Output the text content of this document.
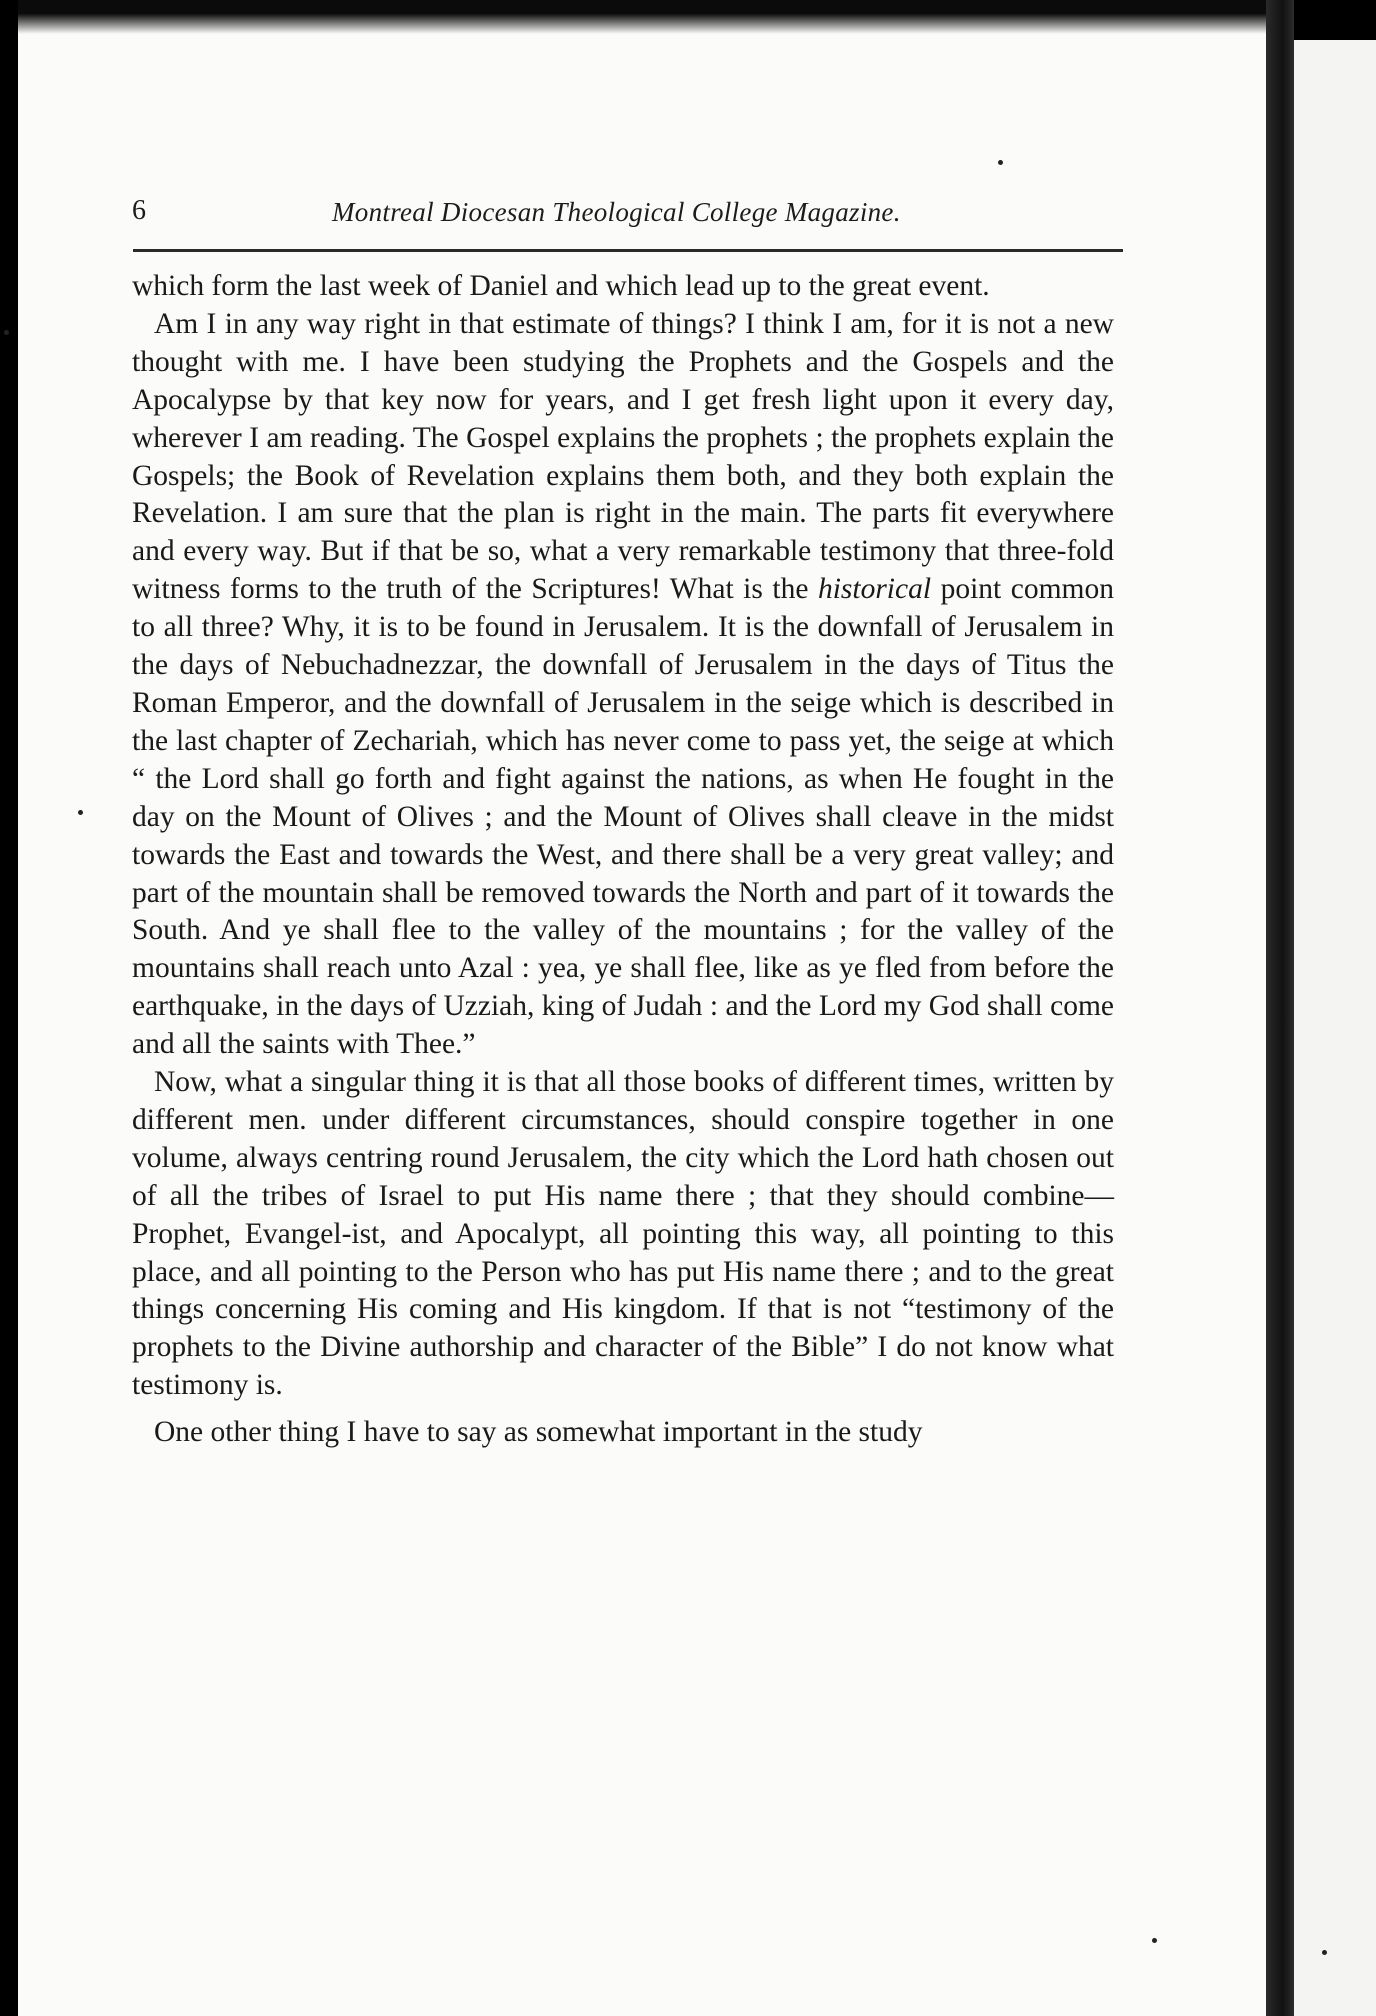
6	Montreal Diocesan Theological College Magazine.

which form the last week of Daniel and which lead up to the great event.

Am I in any way right in that estimate of things? I think I am, for it is not a new thought with me. I have been studying the Prophets and the Gospels and the Apocalypse by that key now for years, and I get fresh light upon it every day, wherever I am reading. The Gospel explains the prophets ; the prophets explain the Gospels; the Book of Revelation explains them both, and they both explain the Revelation. I am sure that the plan is right in the main. The parts fit everywhere and every way. But if that be so, what a very remarkable testimony that three-fold witness forms to the truth of the Scriptures! What is the historical point common to all three? Why, it is to be found in Jerusalem. It is the downfall of Jerusalem in the days of Nebuchadnezzar, the downfall of Jerusalem in the days of Titus the Roman Emperor, and the downfall of Jerusalem in the seige which is described in the last chapter of Zechariah, which has never come to pass yet, the seige at which “ the Lord shall go forth and fight against the nations, as when He fought in the day on the Mount of Olives ; and the Mount of Olives shall cleave in the midst towards the East and towards the West, and there shall be a very great valley; and part of the mountain shall be removed towards the North and part of it towards the South. And ye shall flee to the valley of the mountains ; for the valley of the mountains shall reach unto Azal : yea, ye shall flee, like as ye fled from before the earthquake, in the days of Uzziah, king of Judah : and the Lord my God shall come and all the saints with Thee.”

Now, what a singular thing it is that all those books of different times, written by different men. under different circumstances, should conspire together in one volume, always centring round Jerusalem, the city which the Lord hath chosen out of all the tribes of Israel to put His name there ; that they should combine—Prophet, Evangel-ist, and Apocalypt, all pointing this way, all pointing to this place, and all pointing to the Person who has put His name there ; and to the great things concerning His coming and His kingdom. If that is not “testimony of the prophets to the Divine authorship and character of the Bible” I do not know what testimony is.

One other thing I have to say as somewhat important in the study
